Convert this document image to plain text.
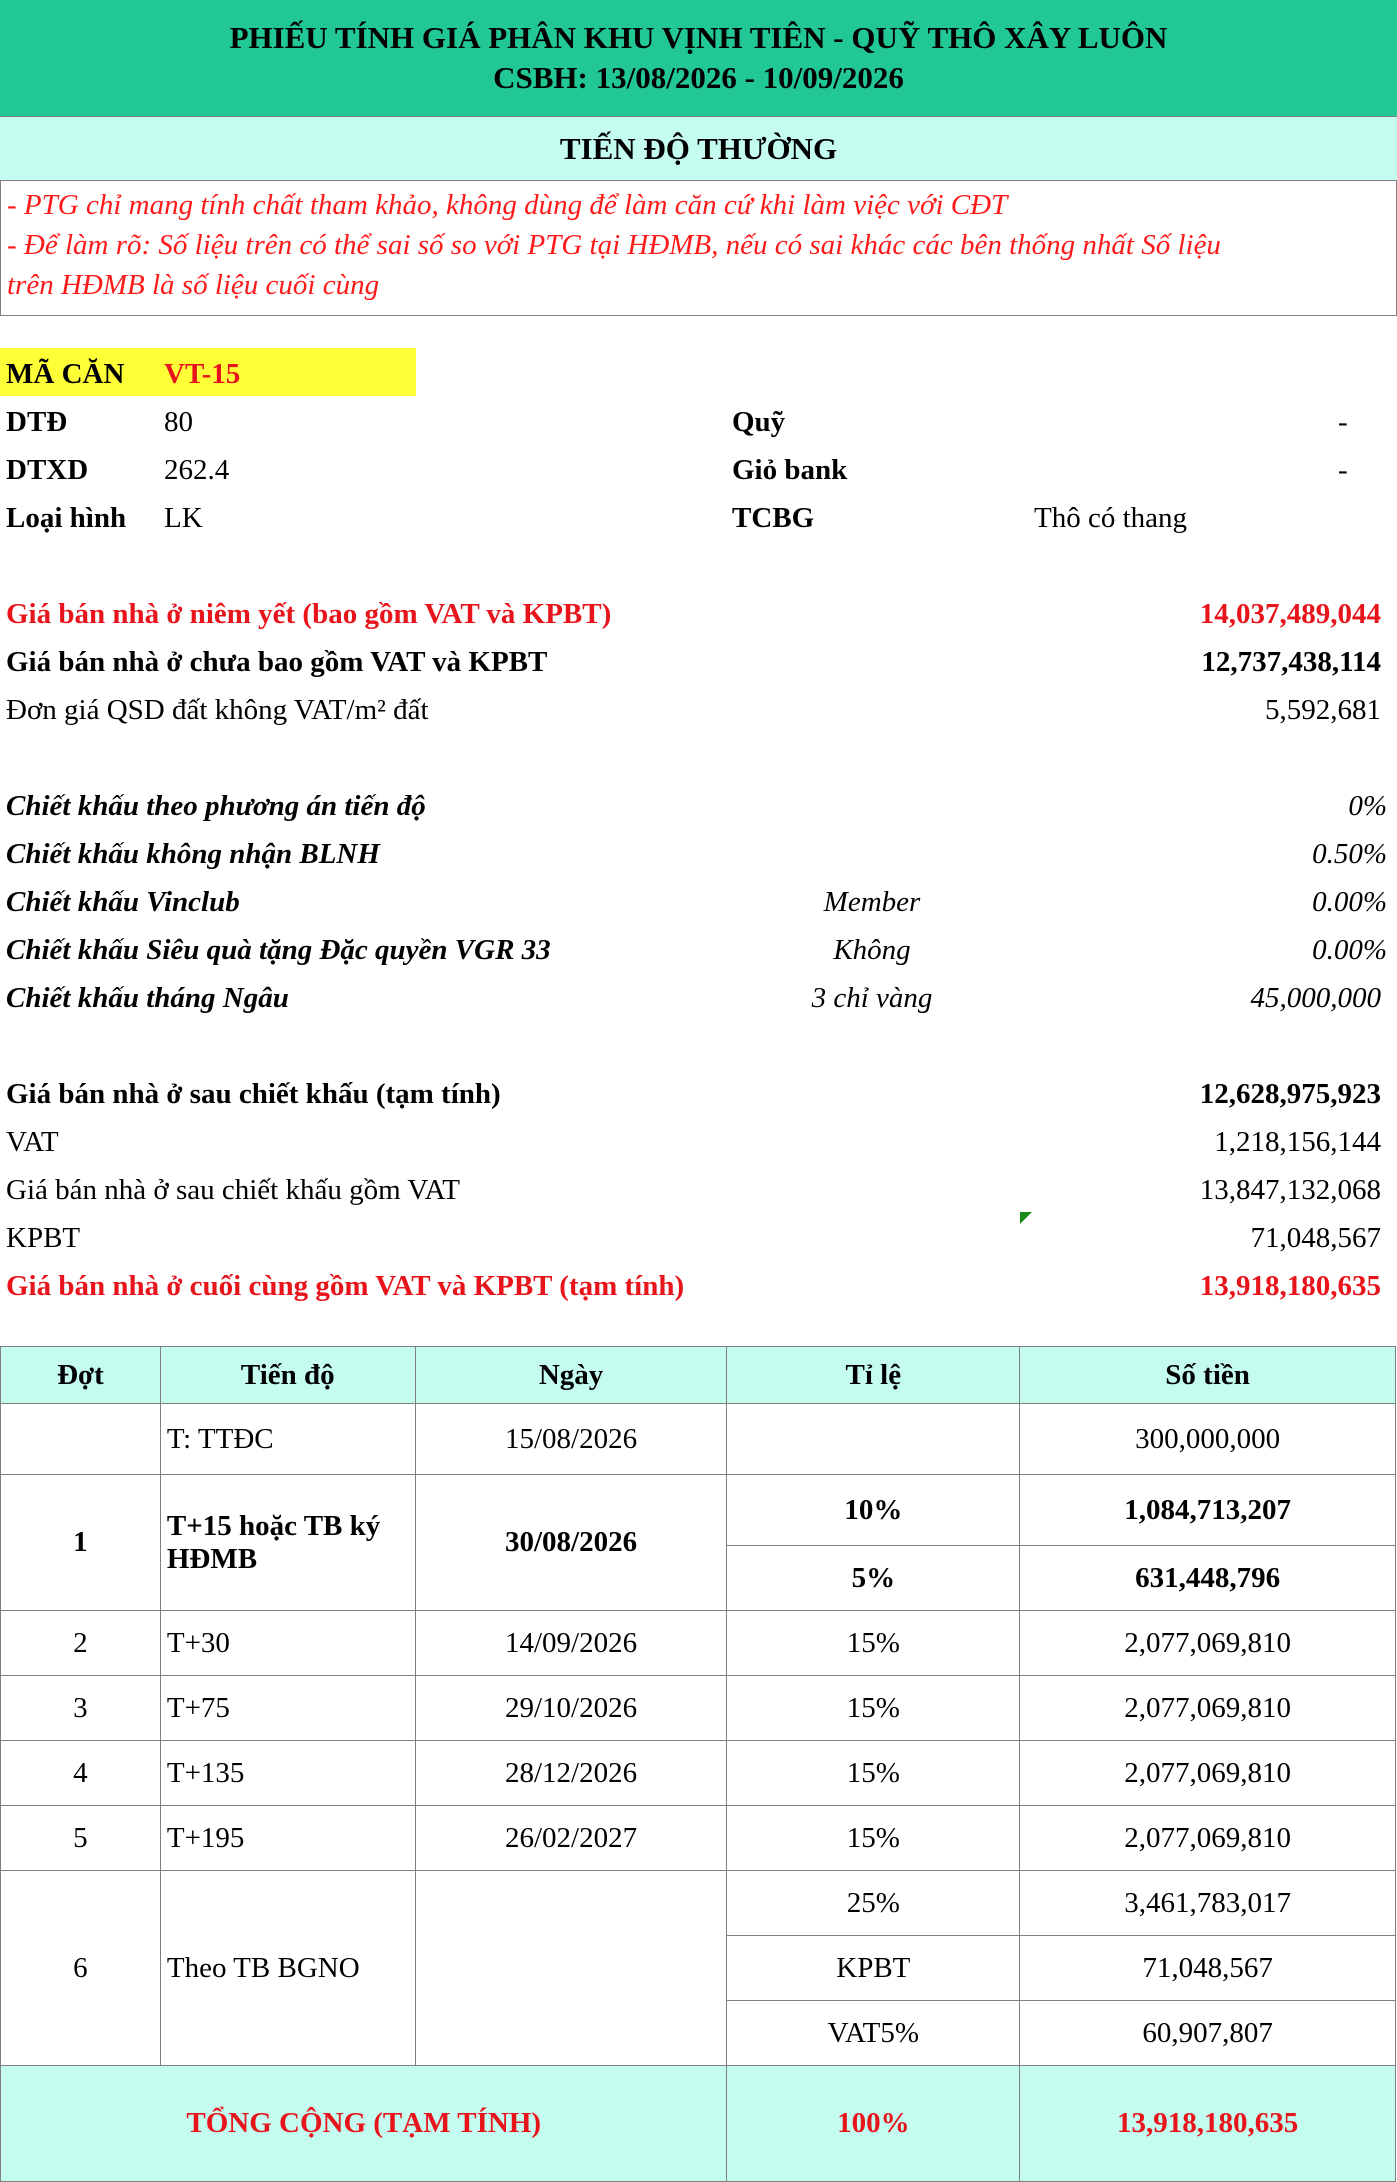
PHIẾU TÍNH GIÁ PHÂN KHU VỊNH TIÊN - QUỸ THÔ XÂY LUÔN
CSBH: 13/08/2026 - 10/09/2026
TIẾN ĐỘ THƯỜNG
- PTG chỉ mang tính chất tham khảo, không dùng để làm căn cứ khi làm việc với CĐT
- Để làm rõ: Số liệu trên có thể sai số so với PTG tại HĐMB, nếu có sai khác các bên thống nhất Số liệu
trên HĐMB là số liệu cuối cùng
MÃ CĂN VT-15
DTĐ	80	Quỹ	-
DTXD	262.4	Giỏ bank	-
Loại hình LK	TCBG	Thô có thang
Giá bán nhà ở niêm yết (bao gồm VAT và KPBT)	14,037,489,044
Giá bán nhà ở chưa bao gồm VAT và KPBT	12,737,438,114
Đơn giá QSD đất không VAT/m² đất	5,592,681
Chiết khấu theo phương án tiến độ	0%
Chiết khấu không nhận BLNH	0.50%
Chiết khấu Vinclub	Member	0.00%
Chiết khấu Siêu quà tặng Đặc quyền VGR 33	Không	0.00%
Chiết khấu tháng Ngâu	3 chỉ vàng	45,000,000
Giá bán nhà ở sau chiết khấu (tạm tính)	12,628,975,923
VAT	1,218,156,144
Giá bán nhà ở sau chiết khấu gồm VAT	13,847,132,068
KPBT	71,048,567
Giá bán nhà ở cuối cùng gồm VAT và KPBT (tạm tính)	13,918,180,635
Đợt	Tiến độ	Ngày	Tỉ lệ	Số tiền
	T: TTĐC	15/08/2026		300,000,000
1	T+15 hoặc TB ký HĐMB	30/08/2026	10%	1,084,713,207
			5%	631,448,796
2	T+30	14/09/2026	15%	2,077,069,810
3	T+75	29/10/2026	15%	2,077,069,810
4	T+135	28/12/2026	15%	2,077,069,810
5	T+195	26/02/2027	15%	2,077,069,810
6	Theo TB BGNO		25%	3,461,783,017
			KPBT	71,048,567
			VAT5%	60,907,807
TỔNG CỘNG (TẠM TÍNH)			100%	13,918,180,635
